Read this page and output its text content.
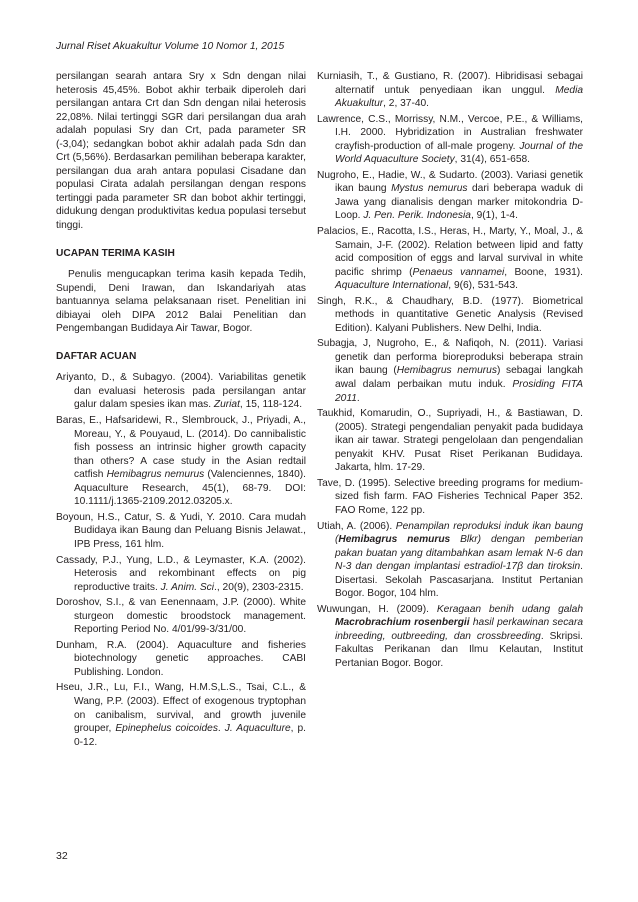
Jurnal Riset Akuakultur Volume 10 Nomor 1, 2015

persilangan searah antara Sry x Sdn dengan nilai heterosis 45,45%. Bobot akhir terbaik diperoleh dari persilangan antara Crt dan Sdn dengan nilai heterosis 22,08%. Nilai tertinggi SGR dari persilangan dua arah adalah populasi Sry dan Crt, pada parameter SR (-3,04); sedangkan bobot akhir adalah pada Sdn dan Crt (5,56%). Berdasarkan pemilihan beberapa karakter, persilangan dua arah antara populasi Cisadane dan populasi Cirata adalah persilangan dengan respons tertinggi pada parameter SR dan bobot akhir tertinggi, didukung dengan produktivitas kedua populasi tersebut tinggi.

UCAPAN TERIMA KASIH

Penulis mengucapkan terima kasih kepada Tedih, Supendi, Deni Irawan, dan Iskandariyah atas bantuannya selama pelaksanaan riset. Penelitian ini dibiayai oleh DIPA 2012 Balai Penelitian dan Pengembangan Budidaya Air Tawar, Bogor.

DAFTAR ACUAN

Ariyanto, D., & Subagyo. (2004). Variabilitas genetik dan evaluasi heterosis pada persilangan antar galur dalam spesies ikan mas. Zuriat, 15, 118-124.

Baras, E., Hafsaridewi, R., Slembrouck, J., Priyadi, A., Moreau, Y., & Pouyaud, L. (2014). Do cannibalistic fish possess an intrinsic higher growth capacity than others? A case study in the Asian redtail catfish Hemibagrus nemurus (Valenciennes, 1840). Aquaculture Research, 45(1), 68-79. DOI: 10.1111/j.1365-2109.2012.03205.x.

Boyoun, H.S., Catur, S. & Yudi, Y. 2010. Cara mudah Budidaya ikan Baung dan Peluang Bisnis Jelawat., IPB Press, 161 hlm.

Cassady, P.J., Yung, L.D., & Leymaster, K.A. (2002). Heterosis and rekombinant effects on pig reproductive traits. J. Anim. Sci., 20(9), 2303-2315.

Doroshov, S.I., & van Eenennaam, J.P. (2000). White sturgeon domestic broodstock management. Reporting Period No. 4/01/99-3/31/00.

Dunham, R.A. (2004). Aquaculture and fisheries biotechnology genetic approaches. CABI Publishing. London.

Hseu, J.R., Lu, F.I., Wang, H.M.S,L.S., Tsai, C.L., & Wang, P.P. (2003). Effect of exogenous tryptophan on canibalism, survival, and growth juvenile grouper, Epinephelus coicoides. J. Aquaculture, p. 0-12.

Kurniasih, T., & Gustiano, R. (2007). Hibridisasi sebagai alternatif untuk penyediaan ikan unggul. Media Akuakultur, 2, 37-40.

Lawrence, C.S., Morrissy, N.M., Vercoe, P.E., & Williams, I.H. 2000. Hybridization in Australian freshwater crayfish-production of all-male progeny. Journal of the World Aquaculture Society, 31(4), 651-658.

Nugroho, E., Hadie, W., & Sudarto. (2003). Variasi genetik ikan baung Mystus nemurus dari beberapa waduk di Jawa yang dianalisis dengan marker mitokondria D-Loop. J. Pen. Perik. Indonesia, 9(1), 1-4.

Palacios, E., Racotta, I.S., Heras, H., Marty, Y., Moal, J., & Samain, J-F. (2002). Relation between lipid and fatty acid composition of eggs and larval survival in white pacific shrimp (Penaeus vannamei, Boone, 1931). Aquaculture International, 9(6), 531-543.

Singh, R.K., & Chaudhary, B.D. (1977). Biometrical methods in quantitative Genetic Analysis (Revised Edition). Kalyani Publishers. New Delhi, India.

Subagja, J, Nugroho, E., & Nafiqoh, N. (2011). Variasi genetik dan performa bioreproduksi beberapa strain ikan baung (Hemibagrus nemurus) sebagai langkah awal dalam perbaikan mutu induk. Prosiding FITA 2011.

Taukhid, Komarudin, O., Supriyadi, H., & Bastiawan, D. (2005). Strategi pengendalian penyakit pada budidaya ikan air tawar. Strategi pengelolaan dan pengendalian penyakit KHV. Pusat Riset Perikanan Budidaya. Jakarta, hlm. 17-29.

Tave, D. (1995). Selective breeding programs for medium-sized fish farm. FAO Fisheries Technical Paper 352. FAO Rome, 122 pp.

Utiah, A. (2006). Penampilan reproduksi induk ikan baung (Hemibagrus nemurus Blkr) dengan pemberian pakan buatan yang ditambahkan asam lemak N-6 dan N-3 dan dengan implantasi estradiol-17β dan tiroksin. Disertasi. Sekolah Pascasarjana. Institut Pertanian Bogor. Bogor, 104 hlm.

Wuwungan, H. (2009). Keragaan benih udang galah Macrobrachium rosenbergii hasil perkawinan secara inbreeding, outbreeding, dan crossbreeding. Skripsi. Fakultas Perikanan dan Ilmu Kelautan, Institut Pertanian Bogor. Bogor.

32
